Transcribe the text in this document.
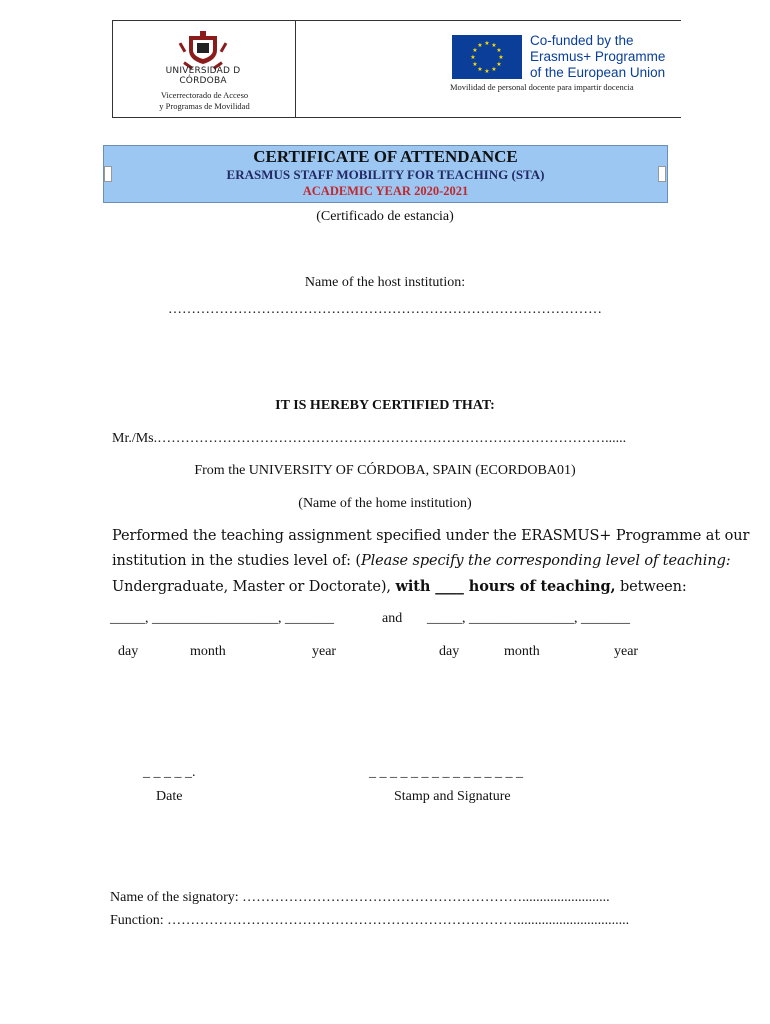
UNIVERSIDAD D CÓRDOBA
Vicerrectorado de Acceso
y Programas de Movilidad
★ ★
★
★
★
★
★
★
★
★
★
★	Co-funded by the
Erasmus+ Programme
of the European Union
Movilidad de personal docente para impartir docencia
CERTIFICATE OF ATTENDANCE
ERASMUS STAFF MOBILITY FOR TEACHING (STA)
ACADEMIC YEAR 2020-2021
(Certificado de estancia)
Name of the host institution:
…………………………………………………………………………………
IT IS HEREBY CERTIFIED THAT:
Mr./Ms.……………………………………………………………………………………......
From the UNIVERSITY OF CÓRDOBA, SPAIN (ECORDOBA01)
(Name of the home institution)
Performed the teaching assignment specified under the ERASMUS+ Programme at our
institution in the studies level of: (Please specify the corresponding level of teaching:
Undergraduate, Master or Doctorate), with ____ hours of teaching, between:
_____, __________________, _______	and _____, _______________, _______
day	month	year	day	month	year
_ _ _ _ _.	_ _ _ _ _ _ _ _ _ _ _ _ _ _ _
Date	Stamp and Signature
Name of the signatory: …………………………………………………….........................
Function: …………………………………………………………………................................
